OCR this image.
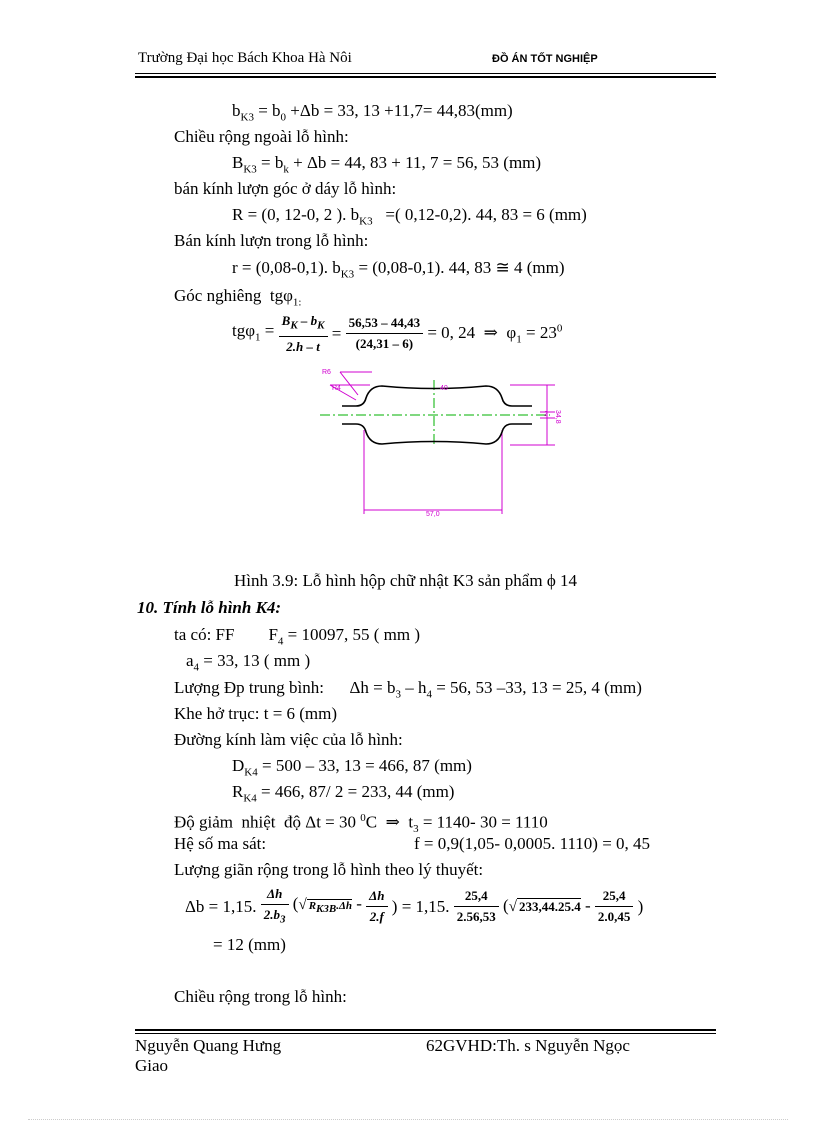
Trường Đại học Bách Khoa Hà Nôi	ĐỒ ÁN TỐT NGHIỆP
$b_{K3} = b_0 +\Delta b = 33$, 13 +11,7= 44,83(mm)
Chiều rộng ngoài lỗ hình:
$B_{K3} = b_k + \Delta b = 44$, 83 + 11, 7 = 56, 53 (mm)
bán kính lượn góc ở dáy lỗ hình:
R = (0, 12-0, 2 ). $b_{K3}$   =( 0,12-0,2). 44, 83 = 6 (mm)
Bán kính lượn trong lỗ hình:
r = (0,08-0,1). $b_{K3} = (0,08-0,1)$. 44, 83 ≅ 4 (mm)
Góc nghiêng  tgφ$_{1:}$
$tg\varphi_1 = \frac{B_K - b_K}{2.h - t} = \frac{56,53 - 44,43}{(24,31 - 6)} = 0$, 24  ⇒  $\varphi_1 = 23^0$
R6
R4	40
2 34,8
57,0
Hình 3.9: Lỗ hình hộp chữ nhật K3 sản phẩm ϕ 14
10. Tính lỗ hình K4:
ta có: FF        $F_4 = 10097$, 55 ( mm )
$a_4 = 33$, 13 ( mm )
Lượng Đp trung bình:      $\Delta h = b_3 - h_4 = 56$, 53 –33, 13 = 25, 4 (mm)
Khe hở trục: t = 6 (mm)
Đường kính làm việc của lỗ hình:
$D_{K4} = 500 - 33$, 13 = 466, 87 (mm)
$R_{K4} = 466$, 87/ 2 = 233, 44 (mm)
Độ giảm  nhiệt  độ Δt = 30 $^0$C  ⇒  $t_3 = 1140-$ 30 = 1110
Hệ số ma sát:	f = 0,9(1,05- 0,0005. 1110) = 0, 45
Lượng giãn rộng trong lỗ hình theo lý thuyết:
Δb = 1,15. $\frac{\Delta h}{2.b_3}$ (√ $R_{K3B}.\Delta h - \frac{\Delta h}{2.f}$ ) = 1,15. $\frac{25,4}{2.56,53}$ (√ $233,44.25.4 - \frac{25,4}{2.0,45}$ )
= 12 (mm)
Chiều rộng trong lỗ hình:
Nguyễn Quang Hưng	62GVHD:Th. s Nguyễn Ngọc
Giao
